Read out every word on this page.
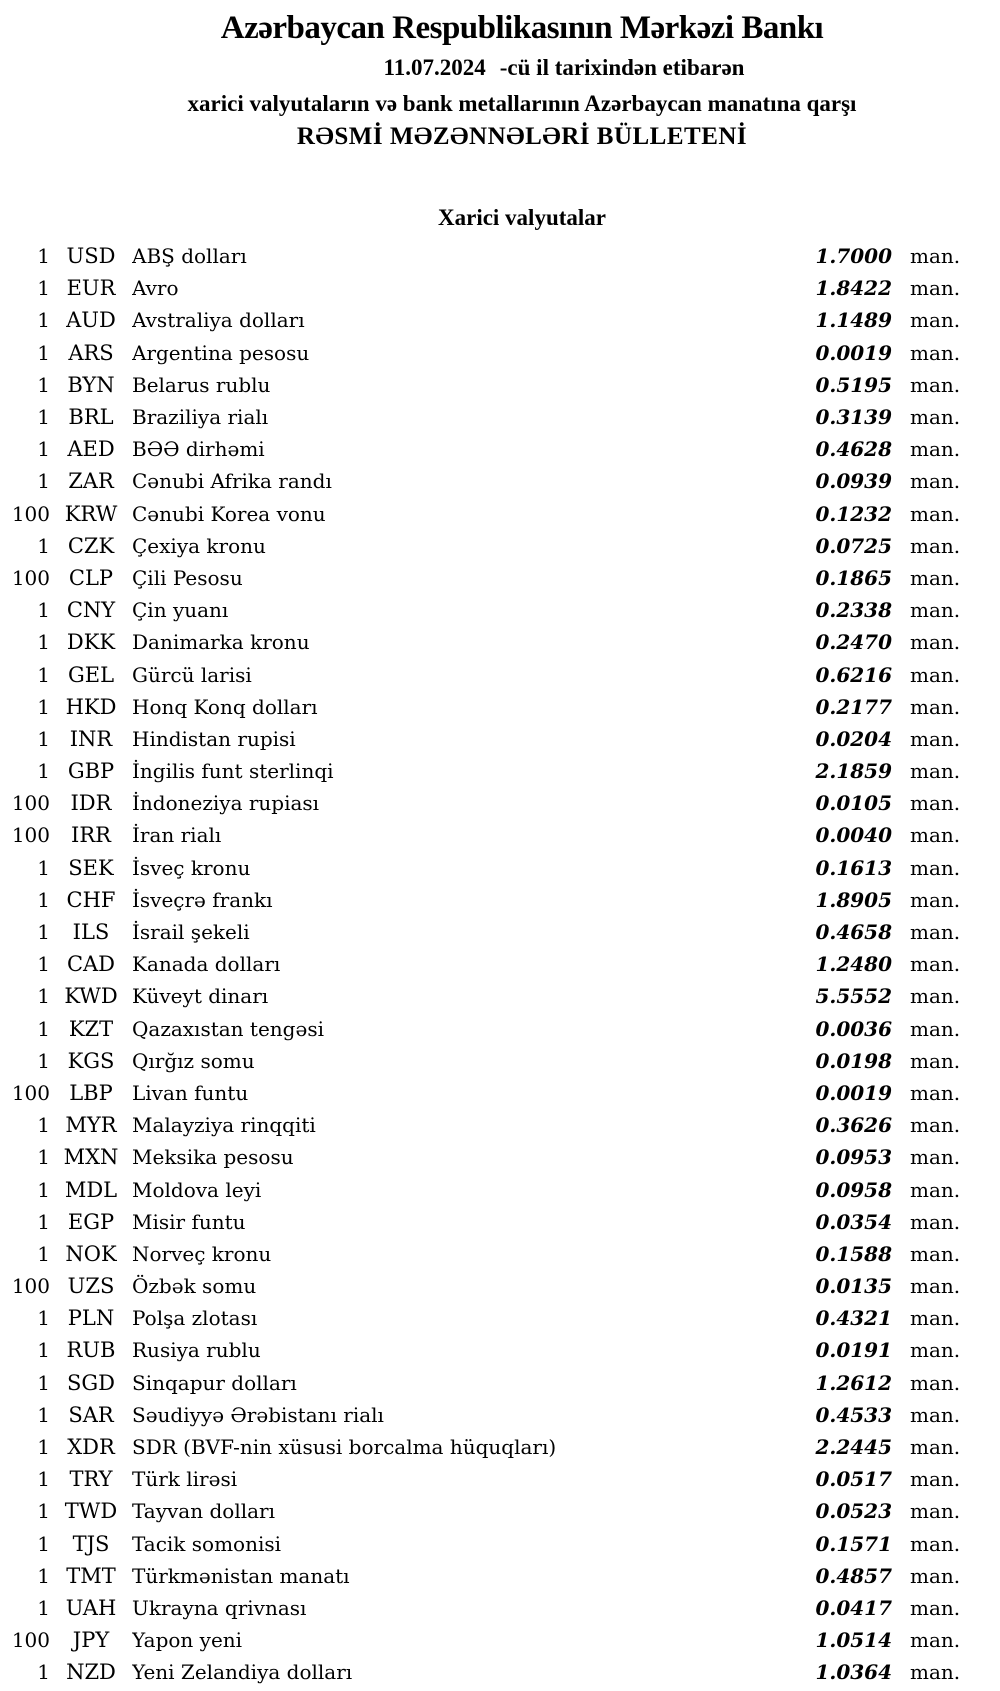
Azərbaycan Respublikasının Mərkəzi Bankı
11.07.2024 -cü il tarixindən etibarən
xarici valyutaların və bank metallarının Azərbaycan manatına qarşı
RƏSMİ MƏZƏNNƏLƏRİ BÜLLETENİ
Xarici valyutalar
1 USD ABŞ dolları	1.7000 man.
1 EUR Avro	1.8422 man.
1 AUD Avstraliya dolları	1.1489 man.
1 ARS Argentina pesosu	0.0019 man.
1 BYN Belarus rublu	0.5195 man.
1 BRL Braziliya rialı	0.3139 man.
1 AED BƏƏ dirhəmi	0.4628 man.
1 ZAR Cənubi Afrika randı	0.0939 man.
100 KRW Cənubi Korea vonu	0.1232 man.
1 CZK Çexiya kronu	0.0725 man.
100 CLP Çili Pesosu	0.1865 man.
1 CNY Çin yuanı	0.2338 man.
1 DKK Danimarka kronu	0.2470 man.
1 GEL Gürcü larisi	0.6216 man.
1 HKD Honq Konq dolları	0.2177 man.
1 INR Hindistan rupisi	0.0204 man.
1 GBP İngilis funt sterlinqi	2.1859 man.
100 IDR	İndoneziya rupiası	0.0105 man.
100	IRR	İran rialı	0.0040 man.
1 SEK İsveç kronu	0.1613 man.
1 CHF İsveçrə frankı	1.8905 man.
1	ILS	İsrail şekeli	0.4658 man.
1 CAD Kanada dolları	1.2480 man.
1 KWD Küveyt dinarı	5.5552 man.
1 KZT Qazaxıstan tengəsi	0.0036 man.
1 KGS Qırğız somu	0.0198 man.
100 LBP Livan funtu	0.0019 man.
1 MYR Malayziya rinqqiti	0.3626 man.
1 MXN Meksika pesosu	0.0953 man.
1 MDL Moldova leyi	0.0958 man.
1 EGP Misir funtu	0.0354 man.
1 NOK Norveç kronu	0.1588 man.
100 UZS Özbək somu	0.0135 man.
1 PLN Polşa zlotası	0.4321 man.
1 RUB Rusiya rublu	0.0191 man.
1 SGD Sinqapur dolları	1.2612 man.
1 SAR Səudiyyə Ərəbistanı rialı	0.4533 man.
1 XDR SDR (BVF-nin xüsusi borcalma hüquqları)	2.2445 man.
1 TRY Türk lirəsi	0.0517 man.
1 TWD Tayvan dolları	0.0523 man.
1	TJS	Tacik somonisi	0.1571 man.
1 TMT Türkmənistan manatı	0.4857 man.
1 UAH Ukrayna qrivnası	0.0417 man.
100	JPY	Yapon yeni	1.0514 man.
1 NZD Yeni Zelandiya dolları	1.0364 man.
